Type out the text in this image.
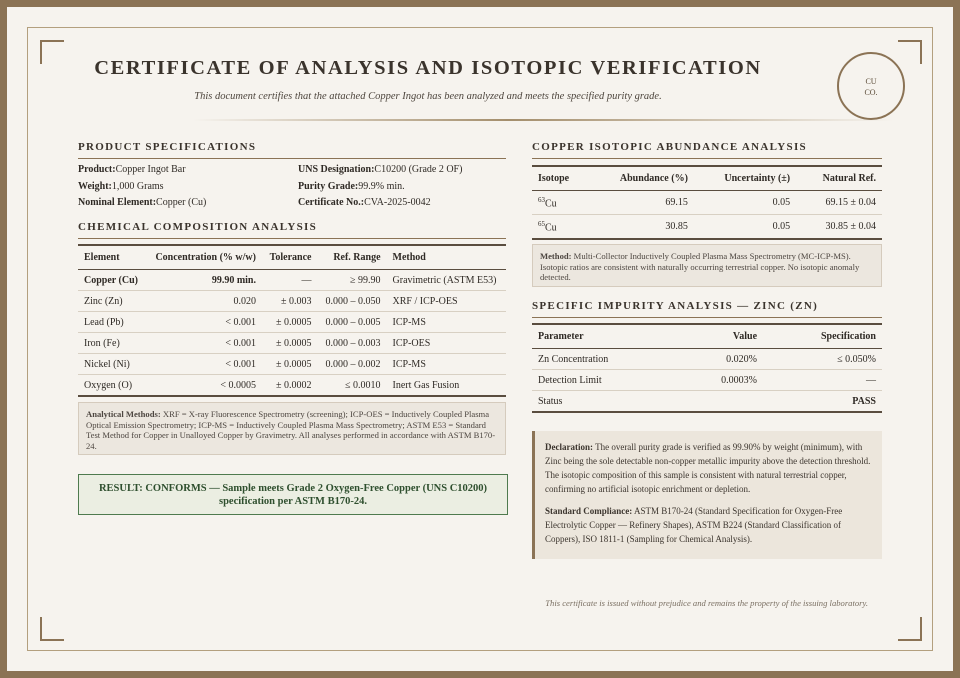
CERTIFICATE OF ANALYSIS AND ISOTOPIC VERIFICATION
This document certifies that the attached Copper Ingot has been analyzed and meets the specified purity grade.
CU
CO.
PRODUCT SPECIFICATIONS
Product:Copper Ingot Bar	UNS Designation:C10200 (Grade 2 OF)
Weight:1,000 Grams	Purity Grade:99.9% min.
Nominal Element:Copper (Cu)	Certificate No.:CVA-2025-0042
CHEMICAL COMPOSITION ANALYSIS
Element	Concentration (% w/w)	Tolerance	Ref. Range	Method
Copper (Cu)	99.90 min.	—	≥ 99.90	Gravimetric (ASTM E53)
Zinc (Zn)	0.020	± 0.003	0.000 – 0.050	XRF / ICP-OES
Lead (Pb)	< 0.001	± 0.0005	0.000 – 0.005	ICP-MS
Iron (Fe)	< 0.001	± 0.0005	0.000 – 0.003	ICP-OES
Nickel (Ni)	< 0.001	± 0.0005	0.000 – 0.002	ICP-MS
Oxygen (O)	< 0.0005	± 0.0002	≤ 0.0010	Inert Gas Fusion
Analytical Methods: XRF = X-ray Fluorescence Spectrometry (screening); ICP-OES = Inductively Coupled Plasma Optical Emission Spectrometry; ICP-MS = Inductively Coupled Plasma Mass Spectrometry; ASTM E53 = Standard Test Method for Copper in Unalloyed Copper by Gravimetry. All analyses performed in accordance with ASTM B170-24.
RESULT: CONFORMS — Sample meets Grade 2 Oxygen-Free Copper (UNS C10200)
specification per ASTM B170-24.
COPPER ISOTOPIC ABUNDANCE ANALYSIS
Isotope	Abundance (%)	Uncertainty (±)	Natural Ref.
$^{63}$Cu	69.15	0.05	69.15 ± 0.04
$^{65}$Cu	30.85	0.05	30.85 ± 0.04
Method: Multi-Collector Inductively Coupled Plasma Mass Spectrometry (MC-ICP-MS). Isotopic ratios are consistent with naturally occurring terrestrial copper. No isotopic anomaly detected.
SPECIFIC IMPURITY ANALYSIS — ZINC (ZN)
Parameter	Value	Specification
Zn Concentration	0.020%	≤ 0.050%
Detection Limit	0.0003%	—
Status		PASS

Declaration: The overall purity grade is verified as 99.90% by weight (minimum), with Zinc being the sole detectable non-copper metallic impurity above the detection threshold. The isotopic composition of this sample is consistent with natural terrestrial copper, confirming no artificial isotopic enrichment or depletion.

Standard Compliance: ASTM B170-24 (Standard Specification for Oxygen-Free Electrolytic Copper — Refinery Shapes), ASTM B224 (Standard Classification of Coppers), ISO 1811-1 (Sampling for Chemical Analysis).

This certificate is issued without prejudice and remains the property of the issuing laboratory.
